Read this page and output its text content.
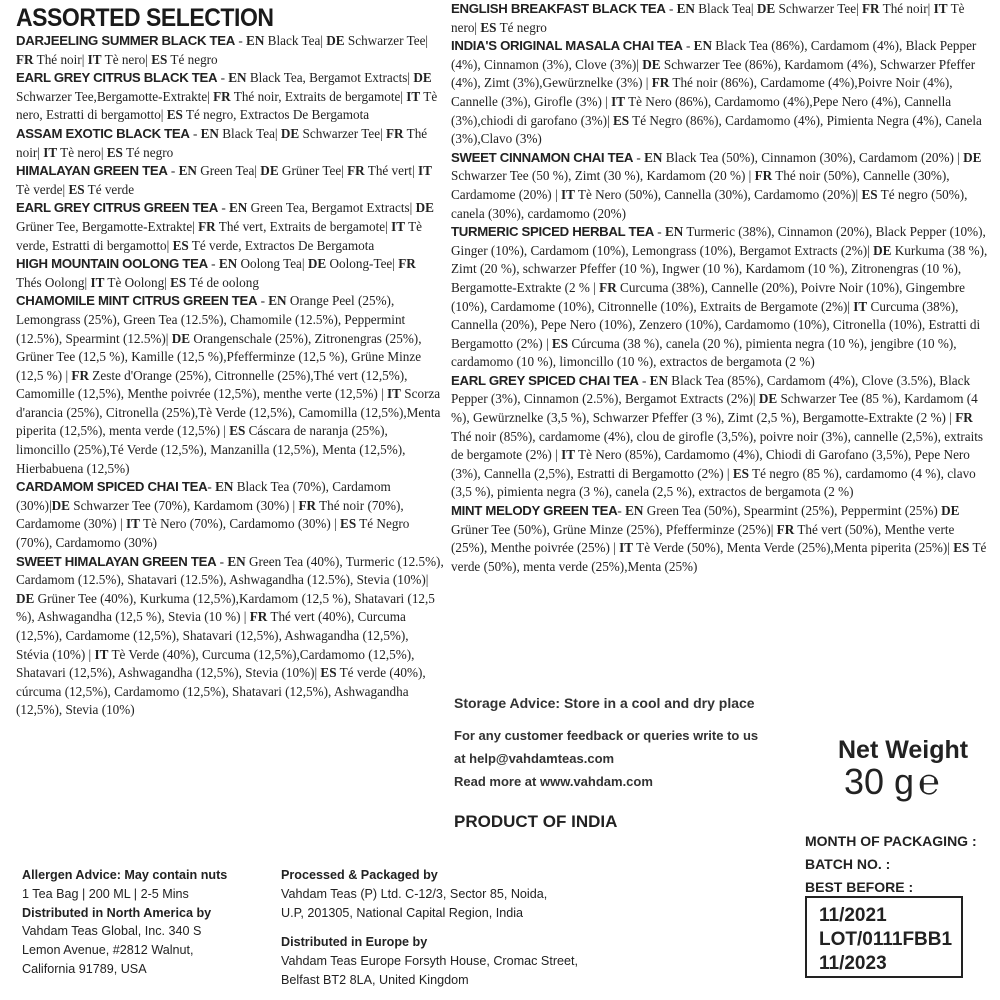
ASSORTED SELECTION

DARJEELING SUMMER BLACK TEA - EN Black Tea| DE Schwarzer Tee| FR Thé noir| IT Tè nero| ES Té negro

EARL GREY CITRUS BLACK TEA - EN Black Tea, Bergamot Extracts| DE Schwarzer Tee,Bergamotte-Extrakte| FR Thé noir, Extraits de bergamote| IT Tè nero, Estratti di bergamotto| ES Té negro, Extractos De Bergamota

ASSAM EXOTIC BLACK TEA - EN Black Tea| DE Schwarzer Tee| FR Thé noir| IT Tè nero| ES Té negro

HIMALAYAN GREEN TEA - EN Green Tea| DE Grüner Tee| FR Thé vert| IT Tè verde| ES Té verde

EARL GREY CITRUS GREEN TEA - EN Green Tea, Bergamot Extracts| DE Grüner Tee, Bergamotte-Extrakte| FR Thé vert, Extraits de bergamote| IT Tè verde, Estratti di bergamotto| ES Té verde, Extractos De Bergamota

HIGH MOUNTAIN OOLONG TEA - EN Oolong Tea| DE Oolong-Tee| FR Thés Oolong| IT Tè Oolong| ES Té de oolong

CHAMOMILE MINT CITRUS GREEN TEA - EN Orange Peel (25%), Lemongrass (25%), Green Tea (12.5%), Chamomile (12.5%), Peppermint (12.5%), Spearmint (12.5%)| DE Orangenschale (25%), Zitronengras (25%), Grüner Tee (12,5 %), Kamille (12,5 %),Pfefferminze (12,5 %), Grüne Minze (12,5 %) | FR Zeste d'Orange (25%), Citronnelle (25%),Thé vert (12,5%), Camomille (12,5%), Menthe poivrée (12,5%), menthe verte (12,5%) | IT Scorza d'arancia (25%), Citronella (25%),Tè Verde (12,5%), Camomilla (12,5%),Menta piperita (12,5%), menta verde (12,5%) | ES Cáscara de naranja (25%), limoncillo (25%),Té Verde (12,5%), Manzanilla (12,5%), Menta (12,5%), Hierbabuena (12,5%)

CARDAMOM SPICED CHAI TEA- EN Black Tea (70%), Cardamom (30%)|DE Schwarzer Tee (70%), Kardamom (30%) | FR Thé noir (70%), Cardamome (30%) | IT Tè Nero (70%), Cardamomo (30%) | ES Té Negro (70%), Cardamomo (30%)

SWEET HIMALAYAN GREEN TEA - EN Green Tea (40%), Turmeric (12.5%), Cardamom (12.5%), Shatavari (12.5%), Ashwagandha (12.5%), Stevia (10%)| DE Grüner Tee (40%), Kurkuma (12,5%),Kardamom (12,5 %), Shatavari (12,5 %), Ashwagandha (12,5 %), Stevia (10 %) | FR Thé vert (40%), Curcuma (12,5%), Cardamome (12,5%), Shatavari (12,5%), Ashwagandha (12,5%), Stévia (10%) | IT Tè Verde (40%), Curcuma (12,5%),Cardamomo (12,5%), Shatavari (12,5%), Ashwagandha (12,5%), Stevia (10%)| ES Té verde (40%), cúrcuma (12,5%), Cardamomo (12,5%), Shatavari (12,5%), Ashwagandha (12,5%), Stevia (10%)

ENGLISH BREAKFAST BLACK TEA - EN Black Tea| DE Schwarzer Tee| FR Thé noir| IT Tè nero| ES Té negro

INDIA'S ORIGINAL MASALA CHAI TEA - EN Black Tea (86%), Cardamom (4%), Black Pepper (4%), Cinnamon (3%), Clove (3%)| DE Schwarzer Tee (86%), Kardamom (4%), Schwarzer Pfeffer (4%), Zimt (3%),Gewürznelke (3%) | FR Thé noir (86%), Cardamome (4%),Poivre Noir (4%), Cannelle (3%), Girofle (3%) | IT Tè Nero (86%), Cardamomo (4%),Pepe Nero (4%), Cannella (3%),chiodi di garofano (3%)| ES Té Negro (86%), Cardamomo (4%), Pimienta Negra (4%), Canela (3%),Clavo (3%)

SWEET CINNAMON CHAI TEA - EN Black Tea (50%), Cinnamon (30%), Cardamom (20%) | DE Schwarzer Tee (50 %), Zimt (30 %), Kardamom (20 %) | FR Thé noir (50%), Cannelle (30%), Cardamome (20%) | IT Tè Nero (50%), Cannella (30%), Cardamomo (20%)| ES Té negro (50%), canela (30%), cardamomo (20%)

TURMERIC SPICED HERBAL TEA - EN Turmeric (38%), Cinnamon (20%), Black Pepper (10%), Ginger (10%), Cardamom (10%), Lemongrass (10%), Bergamot Extracts (2%)| DE Kurkuma (38 %), Zimt (20 %), schwarzer Pfeffer (10 %), Ingwer (10 %), Kardamom (10 %), Zitronengras (10 %), Bergamotte-Extrakte (2 % | FR Curcuma (38%), Cannelle (20%), Poivre Noir (10%), Gingembre (10%), Cardamome (10%), Citronnelle (10%), Extraits de Bergamote (2%)| IT Curcuma (38%), Cannella (20%), Pepe Nero (10%), Zenzero (10%), Cardamomo (10%), Citronella (10%), Estratti di Bergamotto (2%) | ES Cúrcuma (38 %), canela (20 %), pimienta negra (10 %), jengibre (10 %), cardamomo (10 %), limoncillo (10 %), extractos de bergamota (2 %)

EARL GREY SPICED CHAI TEA - EN Black Tea (85%), Cardamom (4%), Clove (3.5%), Black Pepper (3%), Cinnamon (2.5%), Bergamot Extracts (2%)| DE Schwarzer Tee (85 %), Kardamom (4 %), Gewürznelke (3,5 %), Schwarzer Pfeffer (3 %), Zimt (2,5 %), Bergamotte-Extrakte (2 %) | FR Thé noir (85%), cardamome (4%), clou de girofle (3,5%), poivre noir (3%), cannelle (2,5%), extraits de bergamote (2%) | IT Tè Nero (85%), Cardamomo (4%), Chiodi di Garofano (3,5%), Pepe Nero (3%), Cannella (2,5%), Estratti di Bergamotto (2%) | ES Té negro (85 %), cardamomo (4 %), clavo (3,5 %), pimienta negra (3 %), canela (2,5 %), extractos de bergamota (2 %)

MINT MELODY GREEN TEA- EN Green Tea (50%), Spearmint (25%), Peppermint (25%) DE Grüner Tee (50%), Grüne Minze (25%), Pfefferminze (25%)| FR Thé vert (50%), Menthe verte (25%), Menthe poivrée (25%) | IT Tè Verde (50%), Menta Verde (25%),Menta piperita (25%)| ES Té verde (50%), menta verde (25%),Menta (25%)

Storage Advice: Store in a cool and dry place
For any customer feedback or queries write to us
at help@vahdamteas.com
Read more at www.vahdam.com
PRODUCT OF INDIA
Net Weight
30 g ℮
MONTH OF PACKAGING :
BATCH NO. :
BEST BEFORE :
11/2021
LOT/0111FBB1
11/2023
Allergen Advice: May contain nuts
1 Tea Bag | 200 ML | 2-5 Mins
Distributed in North America by
Vahdam Teas Global, Inc. 340 S
Lemon Avenue, #2812 Walnut,
California 91789, USA
Processed & Packaged by
Vahdam Teas (P) Ltd. C-12/3, Sector 85, Noida,
U.P, 201305, National Capital Region, India
Distributed in Europe by
Vahdam Teas Europe Forsyth House, Cromac Street,
Belfast BT2 8LA, United Kingdom
